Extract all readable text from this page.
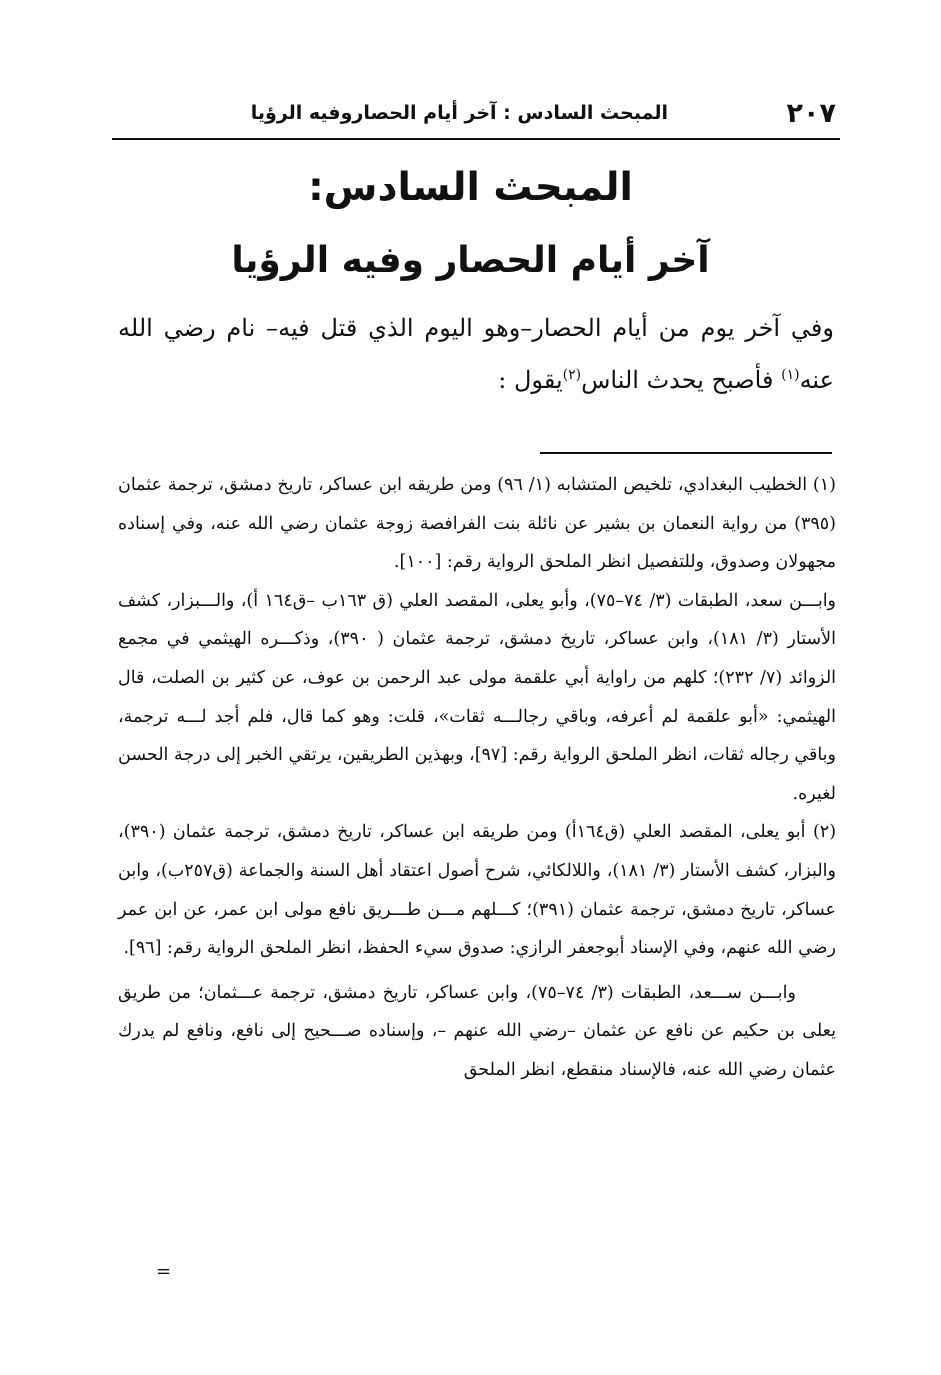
٢٠٧
المبحث السادس : آخر أيام الحصاروفيه الرؤيا
المبحث السادس:
آخر أيام الحصار وفيه الرؤيا

وفي آخر يوم من أيام الحصار–وهو اليوم الذي قتل فيه– نام رضي الله عنه$^{(١)}$ فأصبح يحدث الناس$^{(٢)}$يقول :

(١) الخطيب البغدادي، تلخيص المتشابه (١/ ٩٦) ومن طريقه ابن عساكر، تاريخ دمشق، ترجمة عثمان (٣٩٥) من رواية النعمان بن بشير عن نائلة بنت الفرافصة زوجة عثمان رضي الله عنه، وفي إسناده مجهولان وصدوق، وللتفصيل انظر الملحق الرواية رقم: [١٠٠].

وابـــن سعد، الطبقات (٣/ ٧٤–٧٥)، وأبو يعلى، المقصد العلي (ق ١٦٣ب –ق١٦٤ أ)، والـــبزار، كشف الأستار (٣/ ١٨١)، وابن عساكر، تاريخ دمشق، ترجمة عثمان ( ٣٩٠)، وذكـــره الهيثمي في مجمع الزوائد (٧/ ٢٣٢)؛ كلهم من راواية أبي علقمة مولى عبد الرحمن بن عوف، عن كثير بن الصلت، قال الهيثمي: «أبو علقمة لم أعرفه، وباقي رجالـــه ثقات»، قلت: وهو كما قال، فلم أجد لـــه ترجمة، وباقي رجاله ثقات، انظر الملحق الرواية رقم: [٩٧]، وبهذين الطريقين، يرتقي الخبر إلى درجة الحسن لغيره.

(٢) أبو يعلى، المقصد العلي (ق١٦٤أ) ومن طريقه ابن عساكر، تاريخ دمشق، ترجمة عثمان (٣٩٠)، والبزار، كشف الأستار (٣/ ١٨١)، واللالكائي، شرح أصول اعتقاد أهل السنة والجماعة (ق٢٥٧ب)، وابن عساكر، تاريخ دمشق، ترجمة عثمان (٣٩١)؛ كـــلهم مـــن طـــريق نافع مولى ابن عمر، عن ابن عمر رضي الله عنهم، وفي الإسناد أبوجعفر الرازي: صدوق سيء الحفظ، انظر الملحق الرواية رقم: [٩٦].

وابـــن ســـعد، الطبقات (٣/ ٧٤–٧٥)، وابن عساكر، تاريخ دمشق، ترجمة عـــثمان؛ من طريق يعلى بن حكيم عن نافع عن عثمان –رضي الله عنهم –، وإسناده صـــحيح إلى نافع، ونافع لم يدرك عثمان رضي الله عنه، فالإسناد منقطع، انظر الملحق

=
